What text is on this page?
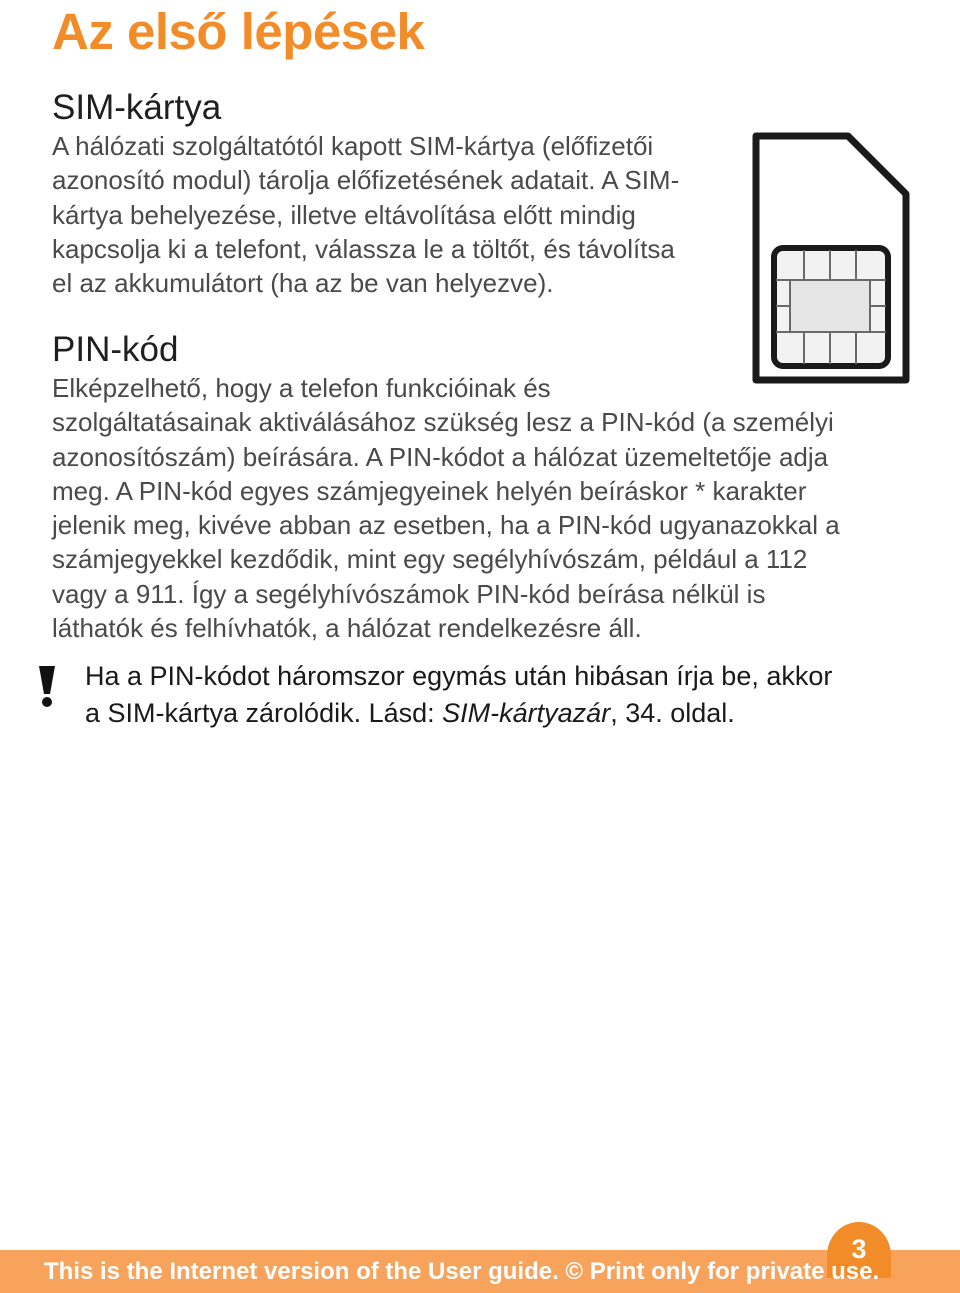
Az első lépések
SIM-kártya

A hálózati szolgáltatótól kapott SIM-kártya (előfizetői
azonosító modul) tárolja előfizetésének adatait. A SIM-
kártya behelyezése, illetve eltávolítása előtt mindig
kapcsolja ki a telefont, válassza le a töltőt, és távolítsa
el az akkumulátort (ha az be van helyezve).

PIN-kód

Elképzelhető, hogy a telefon funkcióinak és
szolgáltatásainak aktiválásához szükség lesz a PIN-kód (a személyi
azonosítószám) beírására. A PIN-kódot a hálózat üzemeltetője adja
meg. A PIN-kód egyes számjegyeinek helyén beíráskor * karakter
jelenik meg, kivéve abban az esetben, ha a PIN-kód ugyanazokkal a
számjegyekkel kezdődik, mint egy segélyhívószám, például a 112
vagy a 911. Így a segélyhívószámok PIN-kód beírása nélkül is
láthatók és felhívhatók, a hálózat rendelkezésre áll.

Ha a PIN-kódot háromszor egymás után hibásan írja be, akkor
a SIM-kártya zárolódik. Lásd: SIM-kártyazár, 34. oldal.

3
This is the Internet version of the User guide. © Print only for private use.
